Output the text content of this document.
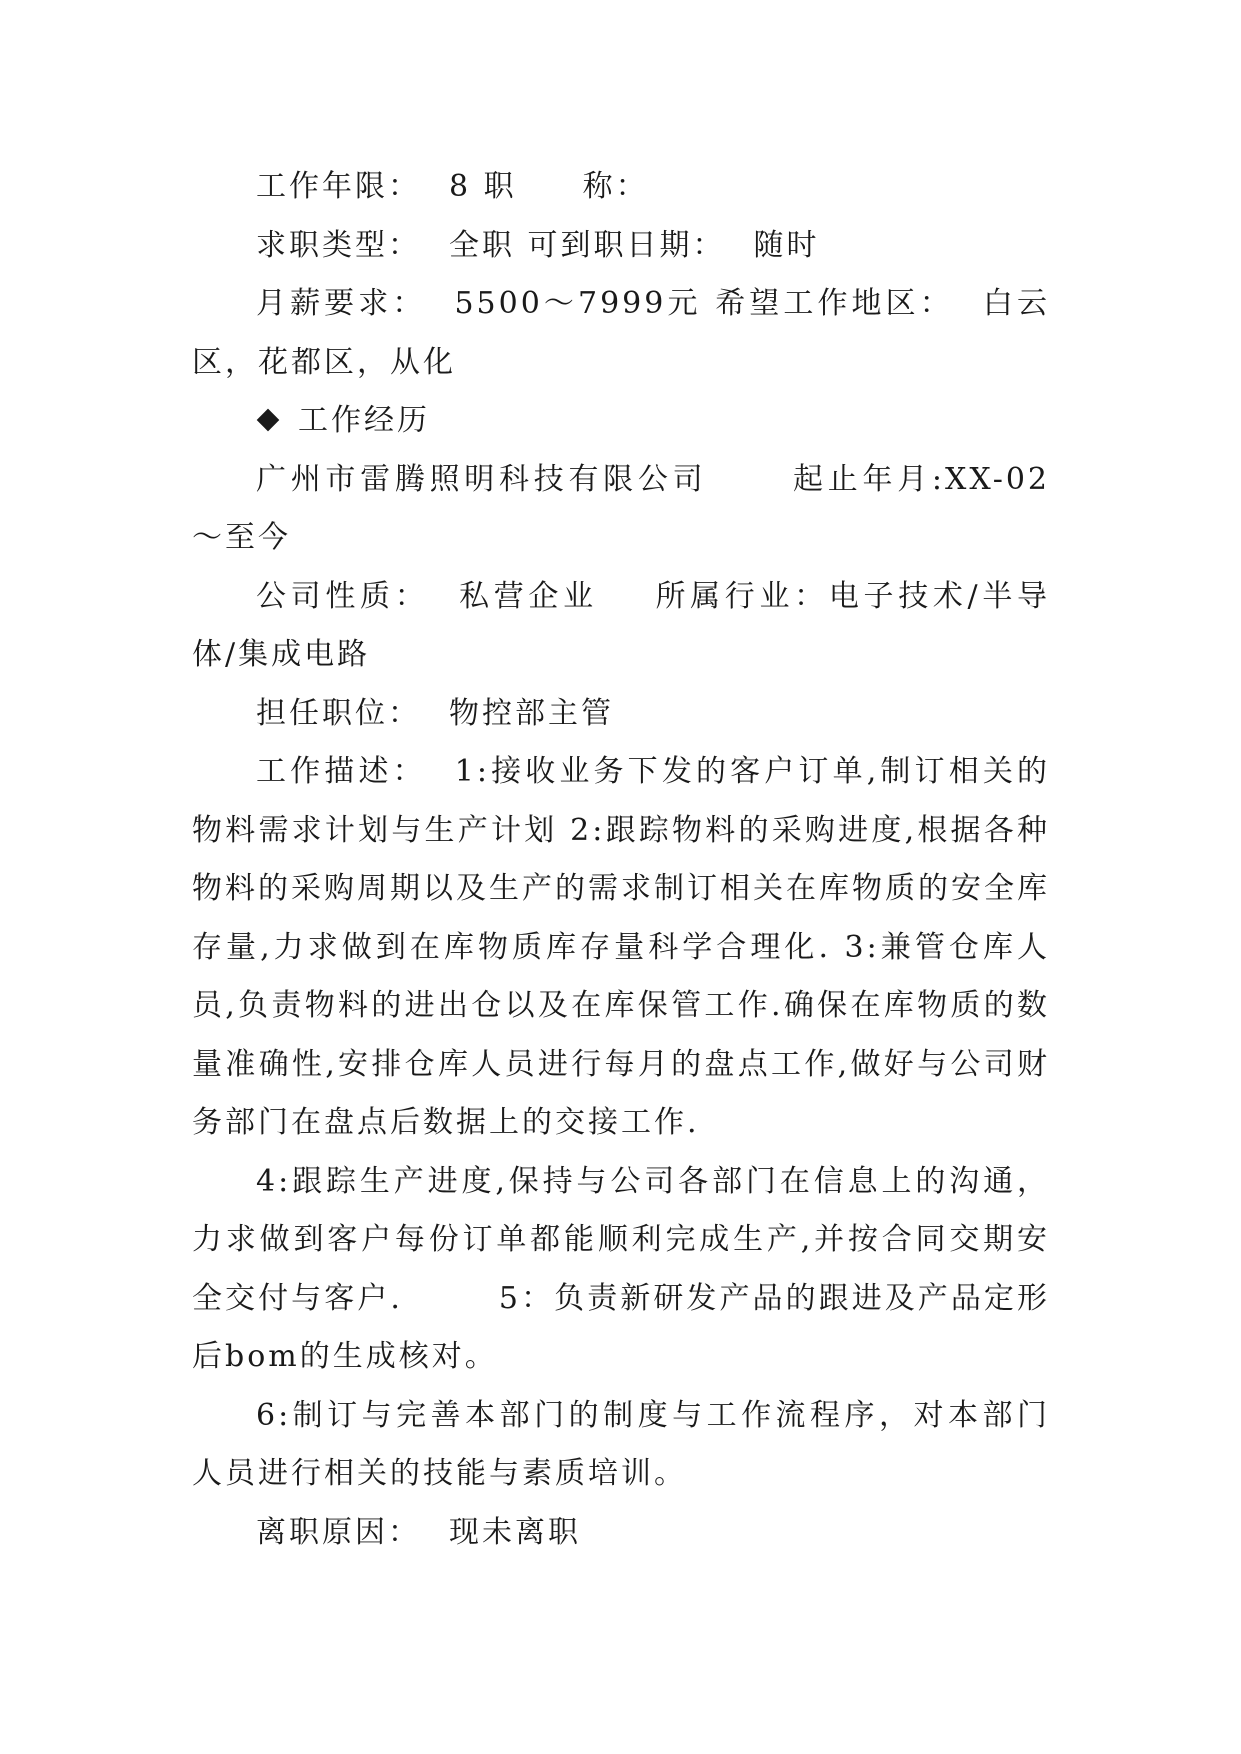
工作年限： 8 职　　称：

求职类型： 全职 可到职日期： 随时

月薪要求： 5500～7999元 希望工作地区： 白云区，花都区，从化

工作经历

广州市雷腾照明科技有限公司	起止年月:XX-02 ～至今

公司性质： 私营企业 所属行业：电子技术/半导体/集成电路

担任职位： 物控部主管

工作描述： 1:接收业务下发的客户订单,制订相关的物料需求计划与生产计划 2:跟踪物料的采购进度,根据各种物料的采购周期以及生产的需求制订相关在库物质的安全库存量,力求做到在库物质库存量科学合理化. 3:兼管仓库人员,负责物料的进出仓以及在库保管工作.确保在库物质的数量准确性,安排仓库人员进行每月的盘点工作,做好与公司财务部门在盘点后数据上的交接工作.

4:跟踪生产进度,保持与公司各部门在信息上的沟通，力求做到客户每份订单都能顺利完成生产,并按合同交期安全交付与客户.	5：负责新研发产品的跟进及产品定形后bom的生成核对。

6:制订与完善本部门的制度与工作流程序，对本部门人员进行相关的技能与素质培训。

离职原因： 现未离职
